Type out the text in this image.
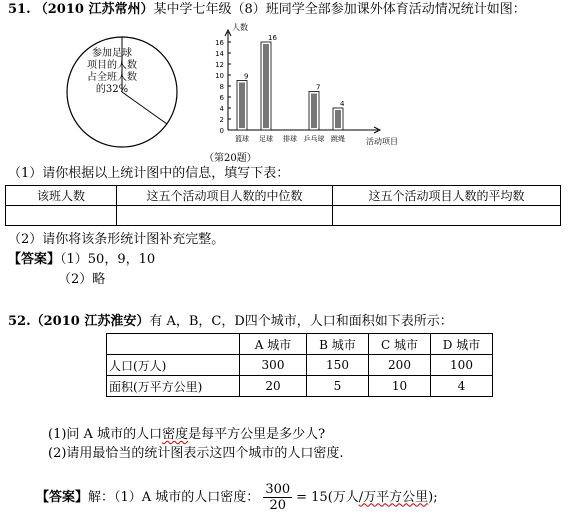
51. （2010 江苏常州）某中学七年级（8）班同学全部参加课外体育活动情况统计如图：
参加足球
项目的人数
占全班人数
的32%
人数
活动项目
0
2
4
6
8
10
12
14
16
9
篮球
16
足球 排球
7
乒乓球
4
跳绳
（第20题）
（1）请你根据以上统计图中的信息，填写下表：
该班人数	这五个活动项目人数的中位数	这五个活动项目人数的平均数

（2）请你将该条形统计图补充完整。
【答案】（1）50，9，10
（2）略
52.（2010 江苏淮安）有 A，B，C，D四个城市，人口和面积如下表所示：
	A 城市	B 城市	C 城市	D 城市
人口(万人)	300	150	200	100
面积(万平方公里)	20	5	10	4
(1)问 A 城市的人口密度是每平方公里是多少人?
(2)请用最恰当的统计图表示这四个城市的人口密度.
【答案】 解：（1）A 城市的人口密度： $\frac{300}{20} = 15$(万人 /万平方公里 );
